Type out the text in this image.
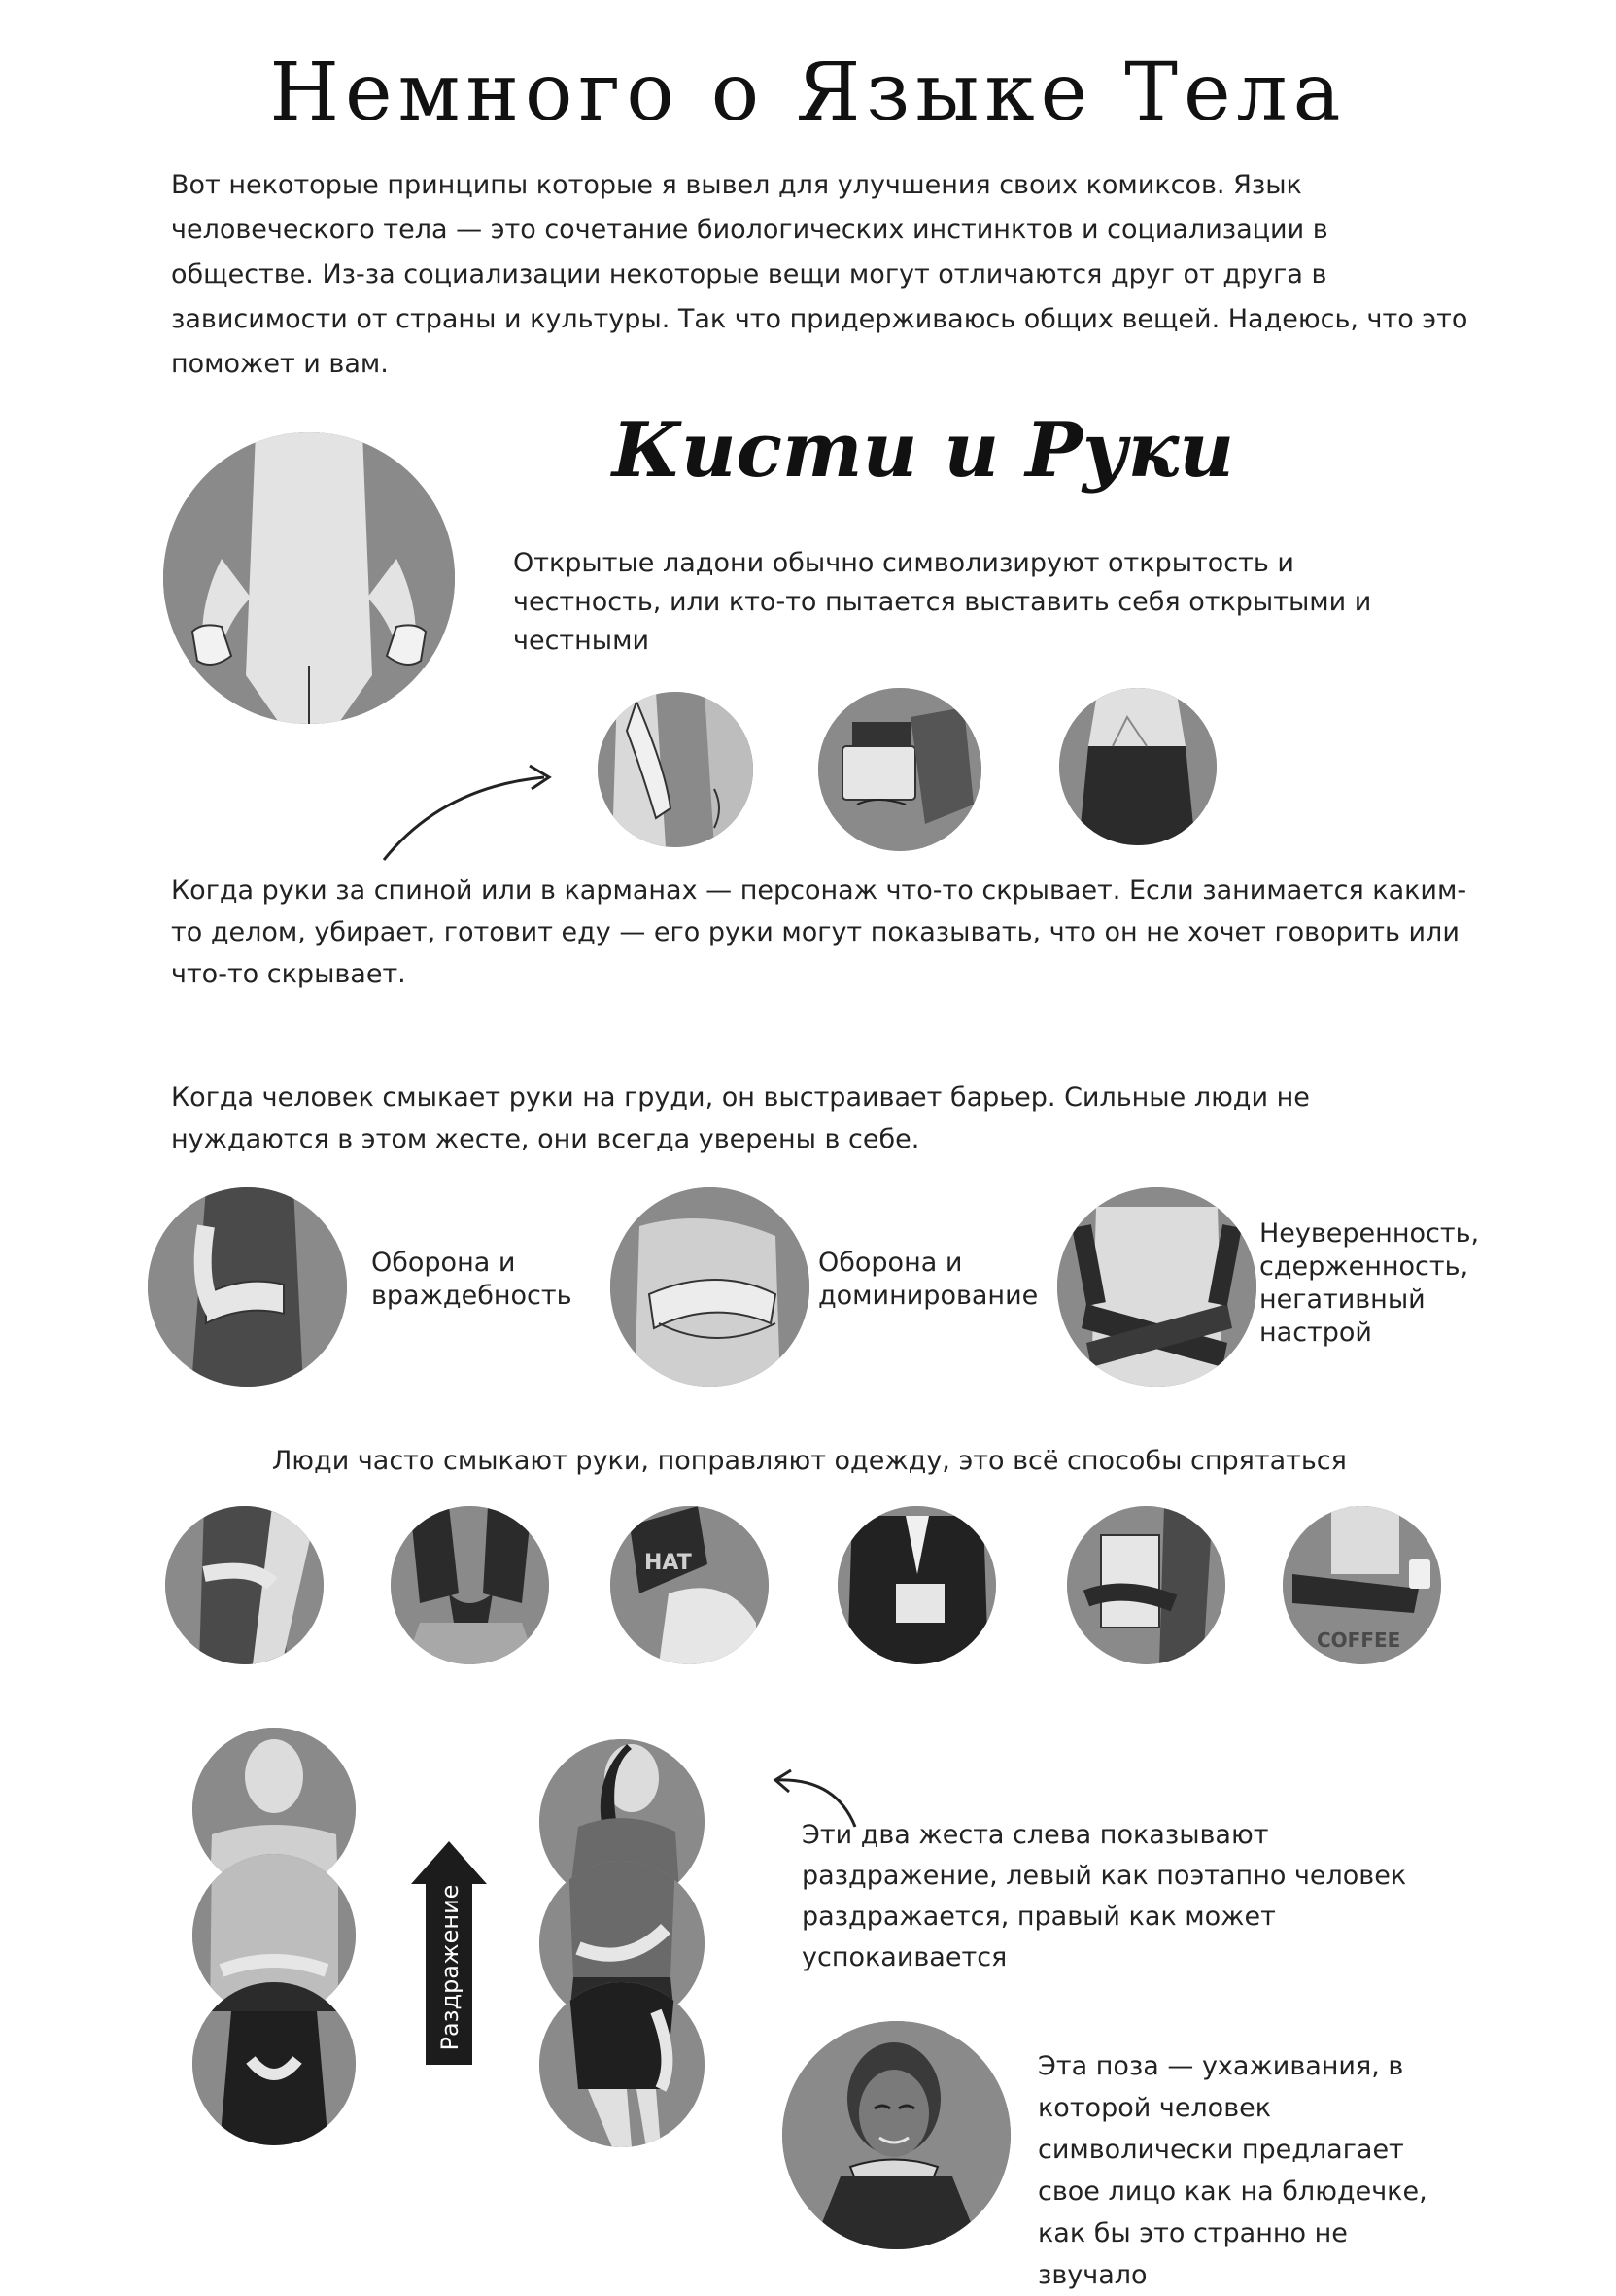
Немного о Языке Тела
Вот некоторые принципы которые я вывел для улучшения своих комиксов. Язык человеческого тела — это сочетание биологических инстинктов и социализации в обществе. Из-за социализации некоторые вещи могут отличаются друг от друга в зависимости от страны и культуры. Так что придерживаюсь общих вещей. Надеюсь, что это поможет и вам.
Кисти и Руки
Открытые ладони обычно символизируют открытость и честность, или кто-то пытается выставить себя открытыми и честными
Когда руки за спиной или в карманах — персонаж что-то скрывает. Если занимается каким-то делом, убирает, готовит еду — его руки могут показывать, что он не хочет говорить или что-то скрывает.
Когда человек смыкает руки на груди, он выстраивает барьер. Сильные люди не нуждаются в этом жесте, они всегда уверены в себе.
Оборона и враждебность
Оборона и доминирование
Неуверенность, сдерженность, негативный настрой
Люди часто смыкают руки, поправляют одежду, это всё способы спрятаться
HAT
COFFEE
Раздражение
Эти два жеста слева показывают раздражение, левый как поэтапно человек раздражается, правый как может успокаивается
Эта поза — ухаживания, в которой человек символически предлагает свое лицо как на блюдечке, как бы это странно не звучало
